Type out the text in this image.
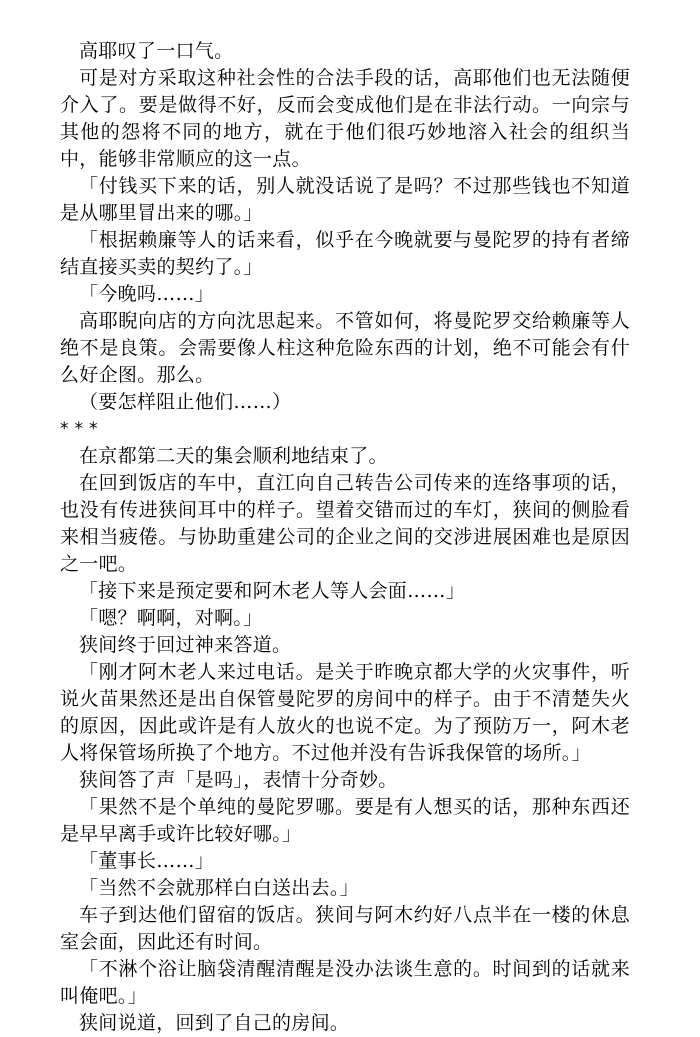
高耶叹了一口气。

可是对方采取这种社会性的合法手段的话，高耶他们也无法随便介入了。要是做得不好，反而会变成他们是在非法行动。一向宗与其他的怨将不同的地方，就在于他们很巧妙地溶入社会的组织当中，能够非常顺应的这一点。

「付钱买下来的话，别人就没话说了是吗？不过那些钱也不知道是从哪里冒出来的哪。」

「根据赖廉等人的话来看，似乎在今晚就要与曼陀罗的持有者缔结直接买卖的契约了。」

「今晚吗……」

高耶睨向店的方向沈思起来。不管如何，将曼陀罗交给赖廉等人绝不是良策。会需要像人柱这种危险东西的计划，绝不可能会有什么好企图。那么。

（要怎样阻止他们……）

* * *

在京都第二天的集会顺利地结束了。

在回到饭店的车中，直江向自己转告公司传来的连络事项的话，也没有传进狭间耳中的样子。望着交错而过的车灯，狭间的侧脸看来相当疲倦。与协助重建公司的企业之间的交涉进展困难也是原因之一吧。

「接下来是预定要和阿木老人等人会面……」

「嗯？啊啊，对啊。」

狭间终于回过神来答道。

「刚才阿木老人来过电话。是关于昨晚京都大学的火灾事件，听说火苗果然还是出自保管曼陀罗的房间中的样子。由于不清楚失火的原因，因此或许是有人放火的也说不定。为了预防万一，阿木老人将保管场所换了个地方。不过他并没有告诉我保管的场所。」

狭间答了声「是吗」，表情十分奇妙。

「果然不是个单纯的曼陀罗哪。要是有人想买的话，那种东西还是早早离手或许比较好哪。」

「董事长……」

「当然不会就那样白白送出去。」

车子到达他们留宿的饭店。狭间与阿木约好八点半在一楼的休息室会面，因此还有时间。

「不淋个浴让脑袋清醒清醒是没办法谈生意的。时间到的话就来叫俺吧。」

狭间说道，回到了自己的房间。
